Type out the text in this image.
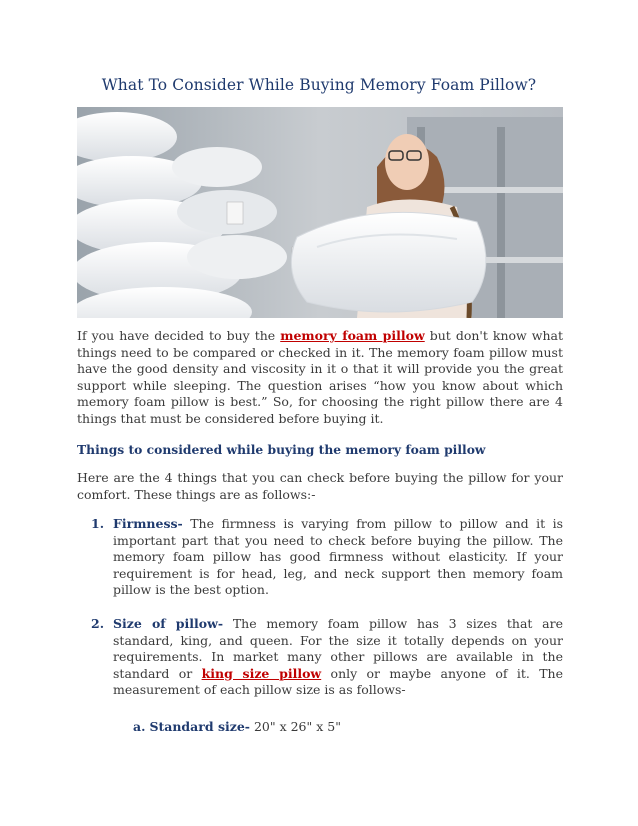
What To Consider While Buying Memory Foam Pillow?

If you have decided to buy the memory foam pillow but don't know what things need to be compared or checked in it. The memory foam pillow must have the good density and viscosity in it o that it will provide you the great support while sleeping. The question arises “how you know about which memory foam pillow is best.” So, for choosing the right pillow there are 4 things that must be considered before buying it.

Things to considered while buying the memory foam pillow

Here are the 4 things that you can check before buying the pillow for your comfort. These things are as follows:-

1. Firmness- The firmness is varying from pillow to pillow and it is important part that you need to check before buying the pillow. The memory foam pillow has good firmness without elasticity. If your requirement is for head, leg, and neck support then memory foam pillow is the best option.
2. Size of pillow- The memory foam pillow has 3 sizes that are standard, king, and queen. For the size it totally depends on your requirements. In market many other pillows are available in the standard or king size pillow only or maybe anyone of it. The measurement of each pillow size is as follows-
a. Standard size- 20" x 26" x 5"
